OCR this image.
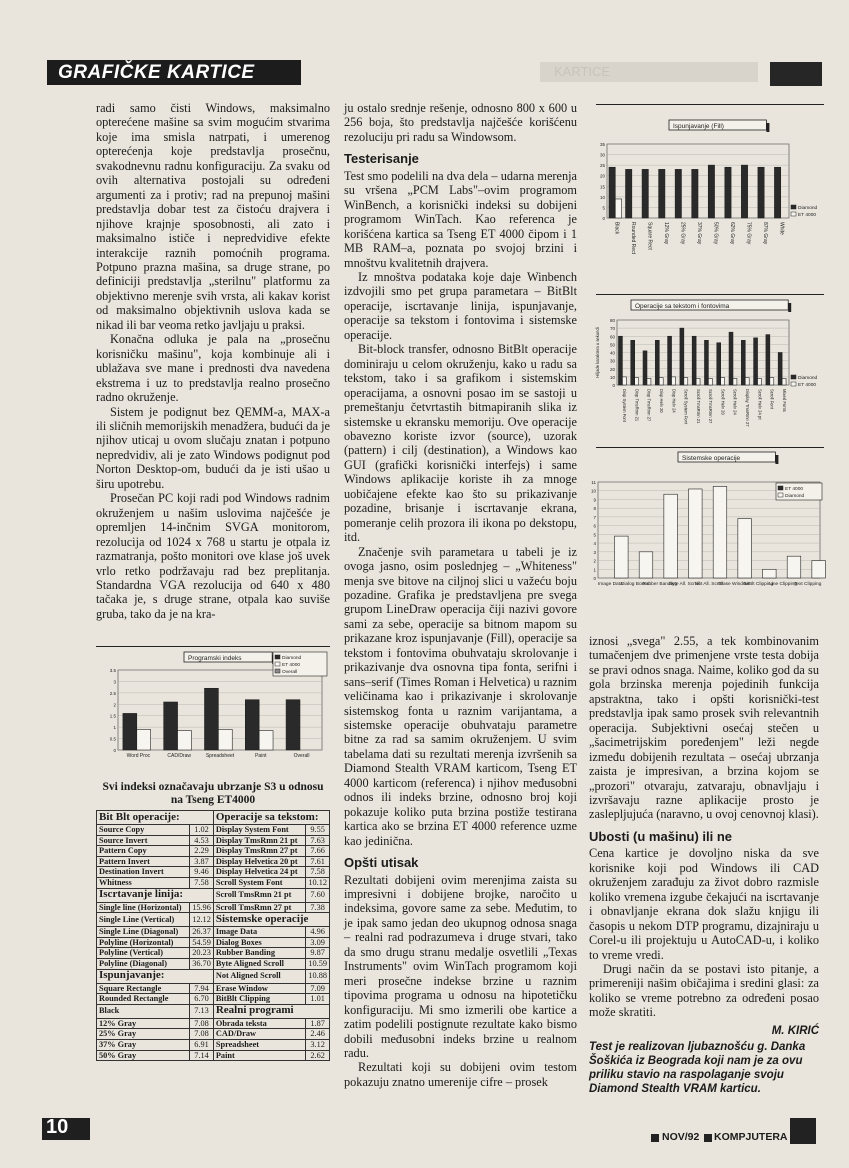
GRAFIČKE KARTICE	KARTICE

radi samo čisti Windows, maksimalno opterećene mašine sa svim mogućim stvarima koje ima smisla natrpati, i umerenog opterećenja koje predstavlja prosečnu, svakodnevnu radnu konfiguraciju. Za svaku od ovih alternativa postojali su određeni argumenti za i protiv; rad na prepunoj mašini predstavlja dobar test za čistoću drajvera i njihove krajnje sposobnosti, ali zato i maksimalno ističe i nepredvidive efekte interakcije raznih pomoćnih programa. Potpuno prazna mašina, sa druge strane, po definiciji predstavlja „sterilnu" platformu za objektivno merenje svih vrsta, ali kakav korist od maksimalno objektivnih uslova kada se nikad ili bar veoma retko javljaju u praksi.

Konačna odluka je pala na „prosečnu korisničku mašinu", koja kombinuje ali i ublažava sve mane i prednosti dva navedena ekstrema i uz to predstavlja realno prosečno radno okruženje.

Sistem je podignut bez QEMM-a, MAX-a ili sličnih memorijskih menadžera, budući da je njihov uticaj u ovom slučaju znatan i potpuno nepredvidiv, ali je zato Windows podignut pod Norton Desktop-om, budući da je isti ušao u širu upotrebu.

Prosečan PC koji radi pod Windows radnim okruženjem u našim uslovima najčešće je opremljen 14-inčnim SVGA monitorom, rezolucija od 1024 x 768 u startu je otpala iz razmatranja, pošto monitori ove klase još uvek vrlo retko podržavaju rad bez preplitanja. Standardna VGA rezolucija od 640 x 480 tačaka je, s druge strane, otpala kao suviše gruba, tako da je na kra-

ju ostalo srednje rešenje, odnosno 800 x 600 u 256 boja, što predstavlja najčešće korišćenu rezoluciju pri radu sa Windowsom.

Testerisanje

Test smo podelili na dva dela – udarna merenja su vršena „PCM Labs"–ovim programom WinBench, a korisnički indeksi su dobijeni programom WinTach. Kao referenca je korišćena kartica sa Tseng ET 4000 čipom i 1 MB RAM–a, poznata po svojoj brzini i mnoštvu kvalitetnih drajvera.

Iz mnoštva podataka koje daje Winbench izdvojili smo pet grupa parametara – BitBlt operacije, iscrtavanje linija, ispunjavanje, operacije sa tekstom i fontovima i sistemske operacije.

Bit-block transfer, odnosno BitBlt operacije dominiraju u celom okruženju, kako u radu sa tekstom, tako i sa grafikom i sistemskim operacijama, a osnovni posao im se sastoji u premeštanju četvrtastih bitmapiranih slika iz sistemske u ekransku memoriju. Ove operacije obavezno koriste izvor (source), uzorak (pattern) i cilj (destination), a Windows kao GUI (grafički korisnički interfejs) i same Windows aplikacije koriste ih za mnoge uobičajene efekte kao što su prikazivanje pozadine, brisanje i iscrtavanje ekrana, pomeranje celih prozora ili ikona po dekstopu, itd.

Značenje svih parametara u tabeli je iz ovoga jasno, osim poslednjeg – „Whiteness" menja sve bitove na ciljnoj slici u važeću boju pozadine. Grafika je predstavljena pre svega grupom LineDraw operacija čiji nazivi govore sami za sebe, operacije sa bitnom mapom su prikazane kroz ispunjavanje (Fill), operacije sa tekstom i fontovima obuhvataju skrolovanje i prikazivanje dva osnovna tipa fonta, serifni i sans–serif (Times Roman i Helvetica) u raznim veličinama kao i prikazivanje i skrolovanje sistemskog fonta u raznim varijantama, a sistemske operacije obuhvataju parametre bitne za rad sa samim okruženjem. U svim tabelama dati su rezultati merenja izvršenih sa Diamond Stealth VRAM karticom, Tseng ET 4000 karticom (referenca) i njihov međusobni odnos ili indeks brzine, odnosno broj koji pokazuje koliko puta brzina postiže testirana kartica ako se brzina ET 4000 reference uzme kao jedinična.

Opšti utisak

Rezultati dobijeni ovim merenjima zaista su impresivni i dobijene brojke, naročito u indeksima, govore same za sebe. Međutim, to je ipak samo jedan deo ukupnog odnosa snaga – realni rad podrazumeva i druge stvari, tako da smo drugu stranu medalje osvetlili „Texas Instruments" ovim WinTach programom koji meri prosečne indekse brzine u raznim tipovima programa u odnosu na hipotetičku konfiguraciju. Mi smo izmerili obe kartice a zatim podelili postignute rezultate kako bismo dobili međusobni indeks brzine u realnom radu.

Rezultati koji su dobijeni ovim testom pokazuju znatno umerenije cifre – prosek

iznosi „svega" 2.55, a tek kombinovanim tumačenjem dve primenjene vrste testa dobija se pravi odnos snaga. Naime, koliko god da su gola brzinska merenja pojedinih funkcija apstraktna, tako i opšti korisnički-test predstavlja ipak samo prosek svih relevantnih operacija. Subjektivni osećaj stečen u „šacimetrijskim poređenjem" leži negde između dobijenih rezultata – osećaj ubrzanja zaista je impresivan, a brzina kojom se „prozori" otvaraju, zatvaraju, obnavljaju i izvršavaju razne aplikacije prosto je zaslepljujuća (naravno, u ovoj cenovnoj klasi).

Ubosti (u mašinu) ili ne

Cena kartice je dovoljno niska da sve korisnike koji pod Windows ili CAD okruženjem zarađuju za život dobro razmisle koliko vremena izgube čekajući na iscrtavanje i obnavljanje ekrana dok slažu knjigu ili časopis u nekom DTP programu, dizajniraju u Corel-u ili projektuju u AutoCAD-u, i koliko to vreme vredi.

Drugi način da se postavi isto pitanje, a primereniji našim običajima i sredini glasi: za koliko se vreme potrebno za određeni posao može skratiti.

M. KIRIĆ
Test je realizovan ljubaznošću g. Danka Šoškića iz Beograda koji nam je za ovu priliku stavio na raspolaganje svoju Diamond Stealth VRAM karticu.
Programski indeks
0
0.5
1
1.5
2
2.5
3
3.5
Word Proc	CAD/Draw	Spreadsheet	Paint	Overall
Diamond
ET 4000
Overall
Ispunjavanje (Fill)
0
5
10
15
20
25
30
35
Black Rounded Rect Square Rect 12% Gray 25% Gray 37% Gray 50% Gray 62% Gray 75% Gray 87% Gray White
Diamond
ET 4000
Operacije sa tekstom i fontovima
0
10
20
30
40
50
60
70
80
Disp System Font Disp TmsRmn 21 Disp TmsRmn 27 Disp Helv 20 Disp Helv 24 Scroll System Font Scroll TmsRmn 21 Scroll TmsRmn 27 Scroll Helv 20 Scroll Helv 24 Display TmsRmn 27 Scroll Helv 24 pt Scroll Font Mixed Fonts
Hiljade karaktera u sekundi
Diamond
ET 4000
Sistemske operacije
0
1
2
3
4
5
6
7
8
9
10
11
Image Data
Dialog Boxes
Rubber Banding
Byte All. Scroll
Not All. Scroll
Erase Window
BitBlt Clipping
Line Clipping
Text Clipping
ET 4000
Diamond
Svi indeksi označavaju ubrzanje S3 u odnosu na Tseng ET4000
Bit Blt operacije:		Operacije sa tekstom:	
Source Copy	1.02	Display System Font	9.55
Source Invert	4.53	Display TmsRmn 21 pt	7.63
Pattern Copy	2.29	Display TmsRmn 27 pt	7.66
Pattern Invert	3.87	Display Helvetica 20 pt	7.61
Destination Invert	9.46	Display Helvetica 24 pt	7.58
Whitness	7.58	Scroll System Font	10.12
Iscrtavanje linija:		Scroll TmsRmn 21 pt	7.60
Single line (Horizontal)	15.96	Scroll TmsRmn 27 pt	7.38
Single Line (Vertical)	12.12	Sistemske operacije	
Single Line (Diagonal)	26.37	Image Data	4.96
Polyline (Horizontal)	54.59	Dialog Boxes	3.09
Polyline (Vertical)	20.23	Rubber Banding	9.87
Polyline (Diagonal)	36.70	Byte Aligned Scroll	10.59
Ispunjavanje:		Not Aligned Scroll	10.88
Square Rectangle	7.94	Erase Window	7.09
Rounded Rectangle	6.70	BitBlt Clipping	1.01
Black	7.13	Realni programi	
12% Gray	7.08	Obrada teksta	1.87
25% Gray	7.08	CAD/Draw	2.46
37% Gray	6.91	Spreadsheet	3.12
50% Gray	7.14	Paint	2.62
10	NOV/92 KOMPJUTERA
